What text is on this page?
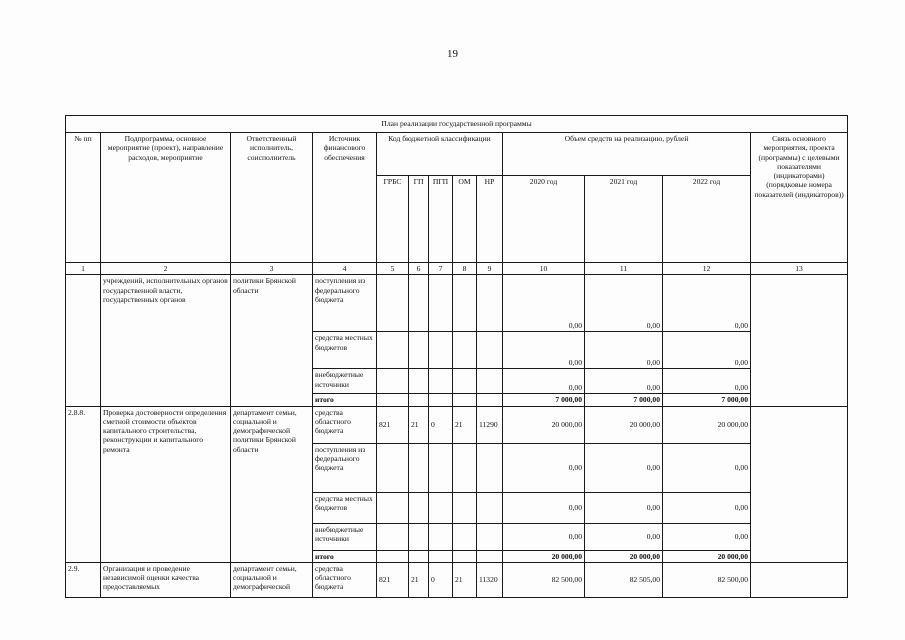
19
План реализации государственной программы												
№ пп	Подпрограмма, основное мероприятие (проект), направление расходов, мероприятие	Ответственный исполнитель, соисполнитель	Источник финансового обеспечения	Код бюджетной классификации					Объем средств на реализацию, рублей			Связь основного мероприятия, проекта (программы) с целевыми показателями (индикаторами) (порядковые номера показателей (индикаторов))
				ГРБС	ГП	ПГП	ОМ	НР	2020 год	2021 год	2022 год	
1	2	3	4	5	6	7	8	9	10	11	12	13
	учреждений, исполнительных органов государственной власти, государственных органов	политики Брянской области	поступления из федерального бюджета						0,00	0,00	0,00	
			средства местных бюджетов						0,00	0,00	0,00	
			внебюджетные источники						0,00	0,00	0,00	
			итого						7 000,00	7 000,00	7 000,00	
2.8.8.	Проверка достоверности определения сметной стоимости объектов капитального строительства, реконструкции и капитального ремонта	департамент семьи, социальной и демографической политики Брянской области	средства областного бюджета	821	21	0	21	11290	20 000,00	20 000,00	20 000,00	
			поступления из федерального бюджета						0,00	0,00	0,00	
			средства местных бюджетов						0,00	0,00	0,00	
			внебюджетные источники						0,00	0,00	0,00	
			итого						20 000,00	20 000,00	20 000,00	
2.9.	Организация и проведение независимой оценки качества предоставляемых	департамент семьи, социальной и демографической	средства областного бюджета	821	21	0	21	11320	82 500,00	82 505,00	82 500,00	
